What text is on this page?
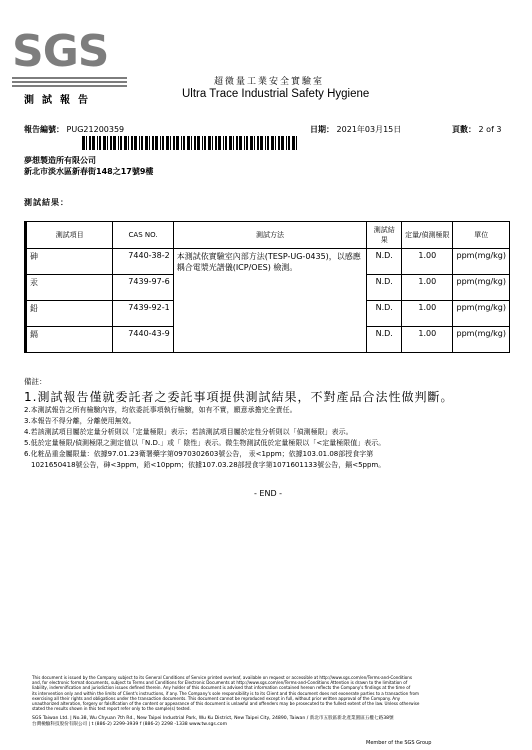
SGS
超微量工業安全實驗室
測試報告
Ultra Trace Industrial Safety Hygiene
報告編號： PUG21200359	日期： 2021年03月15日	頁數： 2 of 3
夢想製造所有限公司
新北市淡水區新春街148之17號9樓
測試結果：
測試項目	CAS NO.	測試方法	測試結果	定量/偵測極限	單位
砷	7440-38-2	本測試依實驗室內部方法(TESP-UG-0435)，以感應耦合電漿光譜儀(ICP/OES) 檢測。	N.D.	1.00	ppm(mg/kg)
汞	7439-97-6		N.D.	1.00	ppm(mg/kg)
鉛	7439-92-1		N.D.	1.00	ppm(mg/kg)
鎘	7440-43-9		N.D.	1.00	ppm(mg/kg)
備註：
1.測試報告僅就委託者之委託事項提供測試結果，不對產品合法性做判斷。
2.本測試報告之所有檢驗內容，均依委託事項執行檢驗，如有不實，願意承擔完全責任。
3.本報告不得分離，分離使用無效。
4.若該測試項目屬於定量分析則以「定量極限」表示；若該測試項目屬於定性分析則以「偵測極限」表示。
5.低於定量極限/偵測極限之測定值以「N.D.」或「 陰性」表示。微生物測試低於定量極限以「<定量極限值」表示。
6.化粧品重金屬限量：依據97.01.23衛署藥字第0970302603號公告， 汞<1ppm；依據103.01.08部授食字第
1021650418號公告，砷<3ppm，鉛<10ppm；依據107.03.28部授食字第1071601133號公告，鎘<5ppm。
- END -
This document is issued by the Company subject to its General Conditions of Service printed overleaf, available on request or accessible at http://www.sgs.com/en/Terms-and-Conditions
and, for electronic format documents, subject to Terms and Conditions for Electronic Documents at http://www.sgs.com/en/Terms-and-Conditions Attention is drawn to the limitation of
liability, indemnification and jurisdiction issues defined therein. Any holder of this document is advised that information contained hereon reflects the Company's findings at the time of
its intervention only and within the limits of Client's instructions, if any. The Company's sole responsibility is to its Client and this document does not exonerate parties to a transaction from
exercising all their rights and obligations under the transaction documents. This document cannot be reproduced except in full, without prior written approval of the Company. Any
unauthorized alteration, forgery or falsification of the content or appearance of this document is unlawful and offenders may be prosecuted to the fullest extent of the law. Unless otherwise
stated the results shown in this test report refer only to the sample(s) tested.
SGS Taiwan Ltd. | No.38, Wu Chyuan 7th Rd., New Taipei Industrial Park, Wu Ku District, New Taipei City, 24890, Taiwan / 新北市五股區新北產業園區五權七路38號
台灣檢驗科技股份有限公司 | t (886-2) 2299-3939 f (886-2) 2298 -1338 www.tw.sgs.com
Member of the SGS Group
